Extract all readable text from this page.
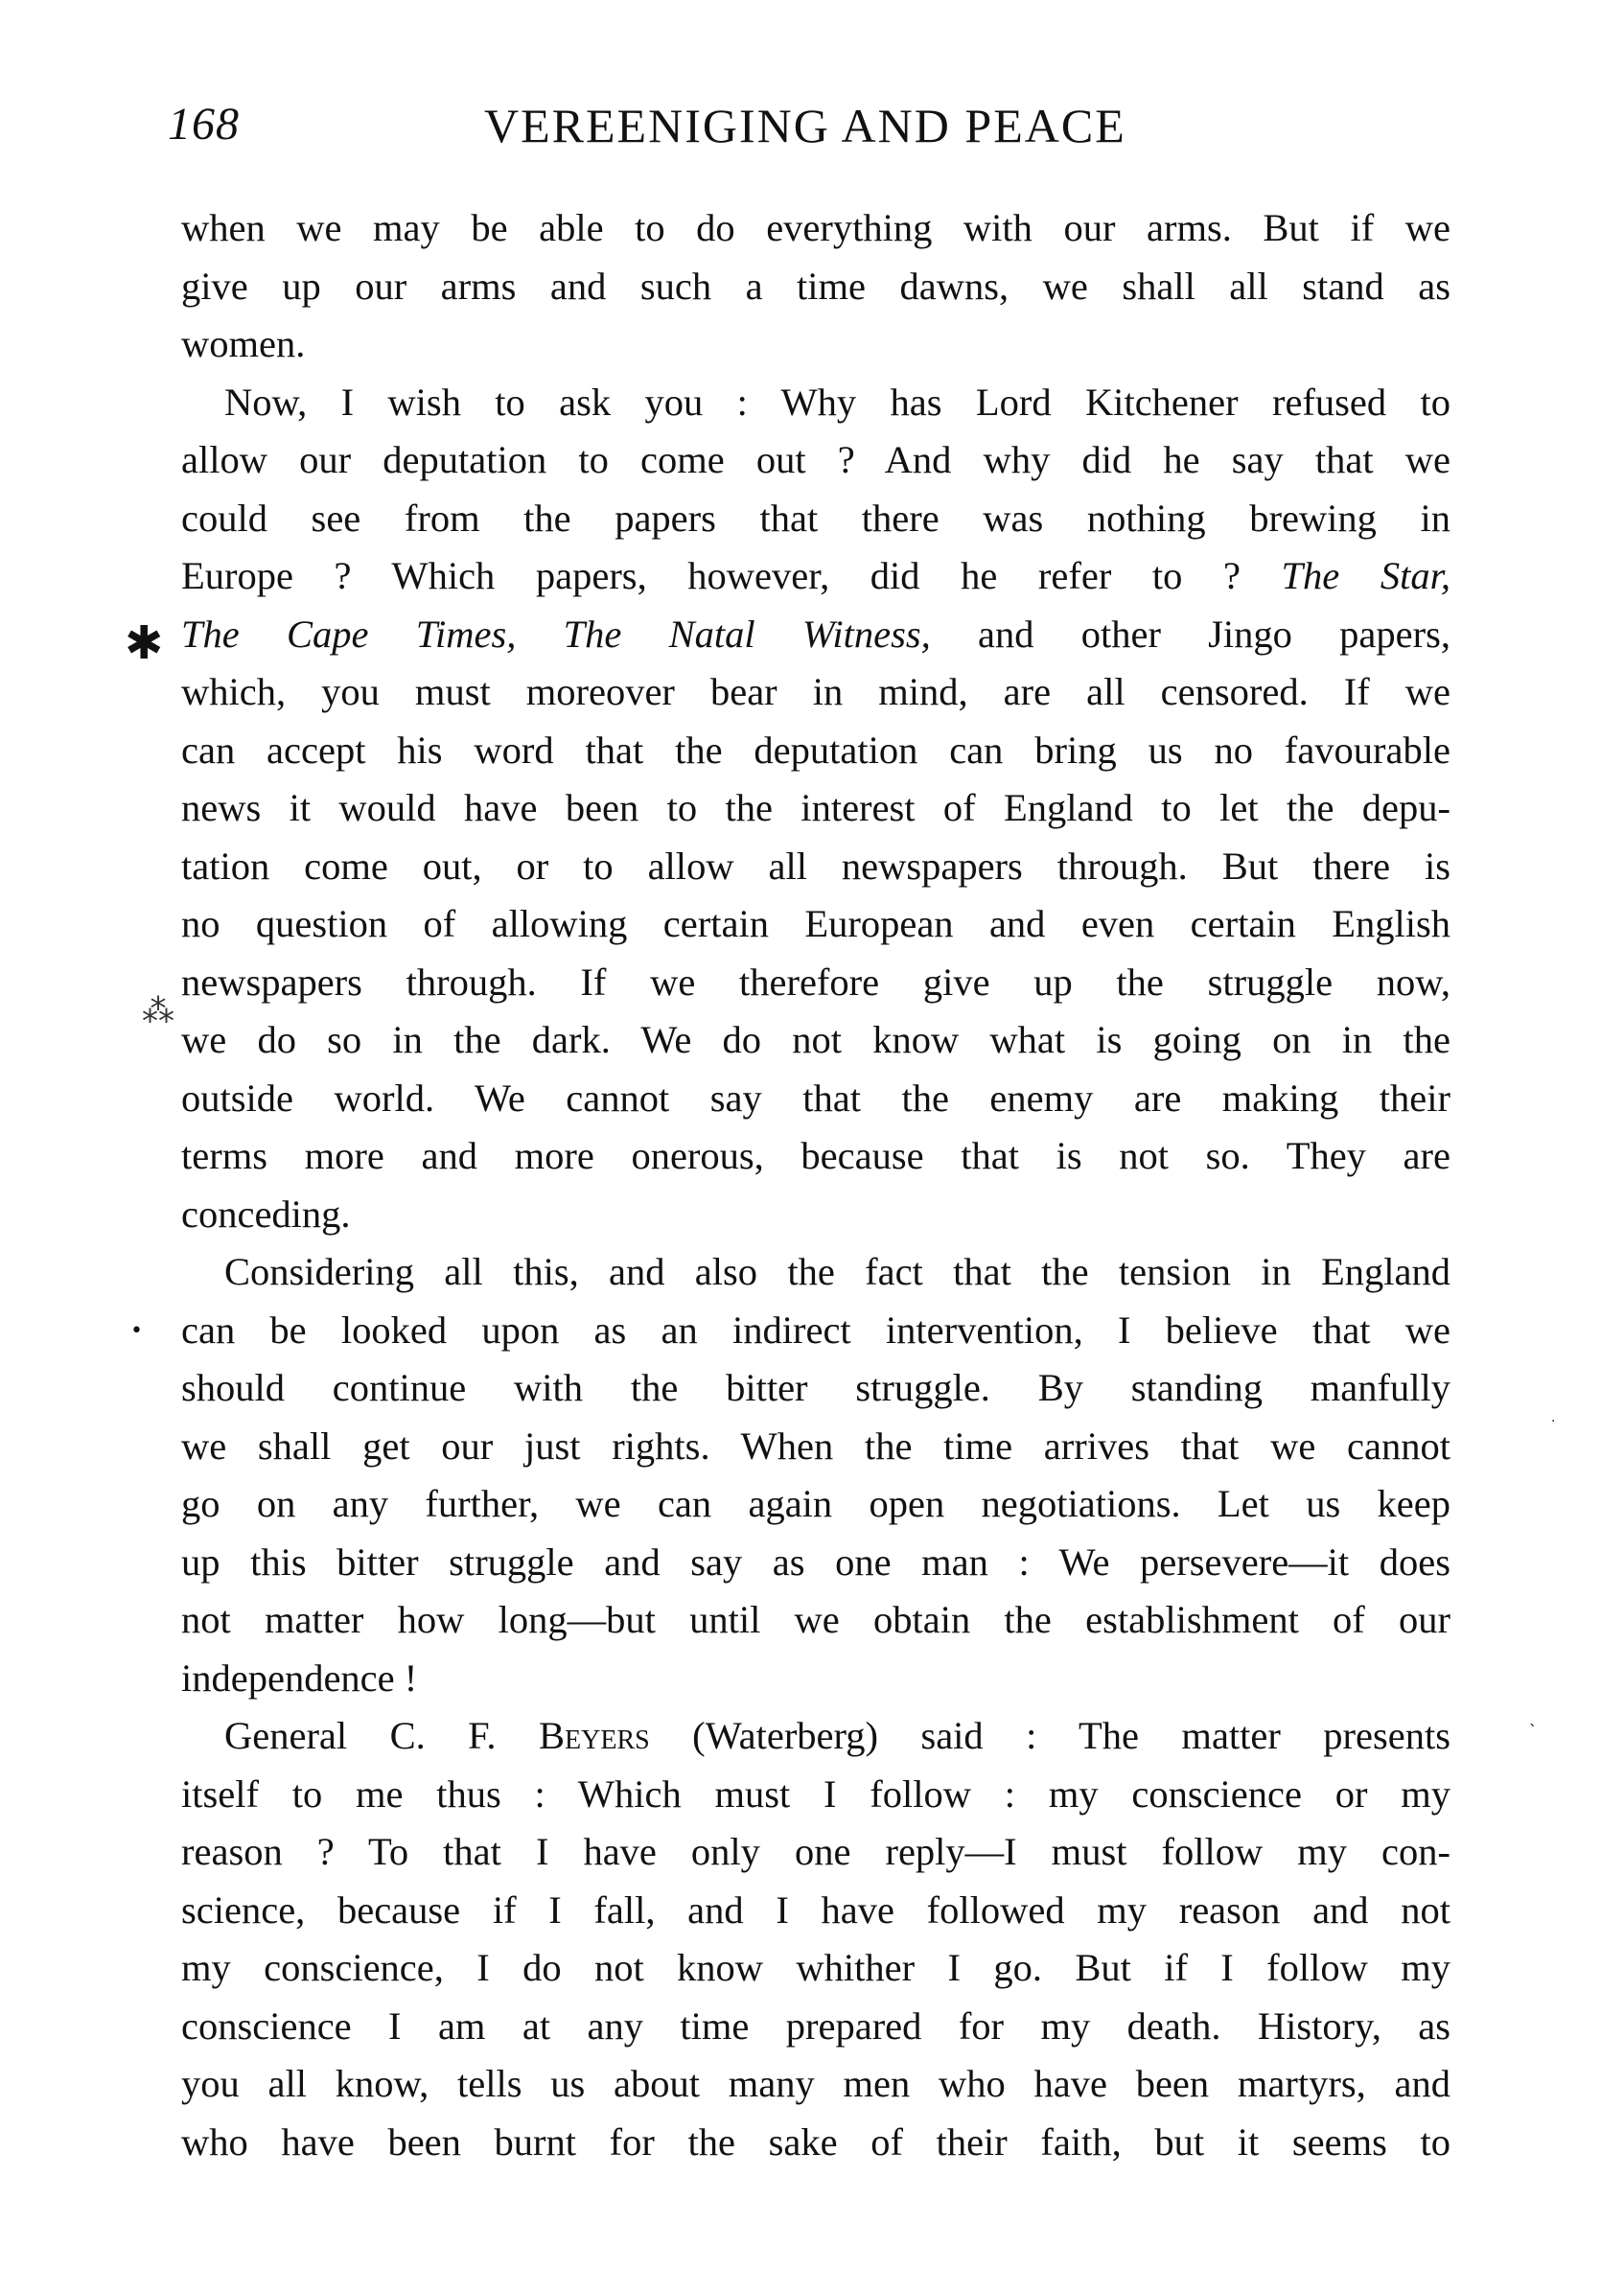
168	VEREENIGING AND PEACE
when we may be able to do everything with our arms. But if we
give up our arms and such a time dawns, we shall all stand as
women.
Now, I wish to ask you : Why has Lord Kitchener refused to
allow our deputation to come out ? And why did he say that we
could see from the papers that there was nothing brewing in
Europe ? Which papers, however, did he refer to ? The Star,
The Cape Times, The Natal Witness, and other Jingo papers,
which, you must moreover bear in mind, are all censored. If we
can accept his word that the deputation can bring us no favourable
news it would have been to the interest of England to let the depu-
tation come out, or to allow all newspapers through. But there is
no question of allowing certain European and even certain English
newspapers through. If we therefore give up the struggle now,
we do so in the dark. We do not know what is going on in the
outside world. We cannot say that the enemy are making their
terms more and more onerous, because that is not so. They are
conceding.
Considering all this, and also the fact that the tension in England
can be looked upon as an indirect intervention, I believe that we
should continue with the bitter struggle. By standing manfully
we shall get our just rights. When the time arrives that we cannot
go on any further, we can again open negotiations. Let us keep
up this bitter struggle and say as one man : We persevere—it does
not matter how long—but until we obtain the establishment of our
independence !
General C. F. Beyers (Waterberg) said : The matter presents
itself to me thus : Which must I follow : my conscience or my
reason ? To that I have only one reply—I must follow my con-
science, because if I fall, and I have followed my reason and not
my conscience, I do not know whither I go. But if I follow my
conscience I am at any time prepared for my death. History, as
you all know, tells us about many men who have been martyrs, and
who have been burnt for the sake of their faith, but it seems to
✱
⁂
•
·
ˎ
